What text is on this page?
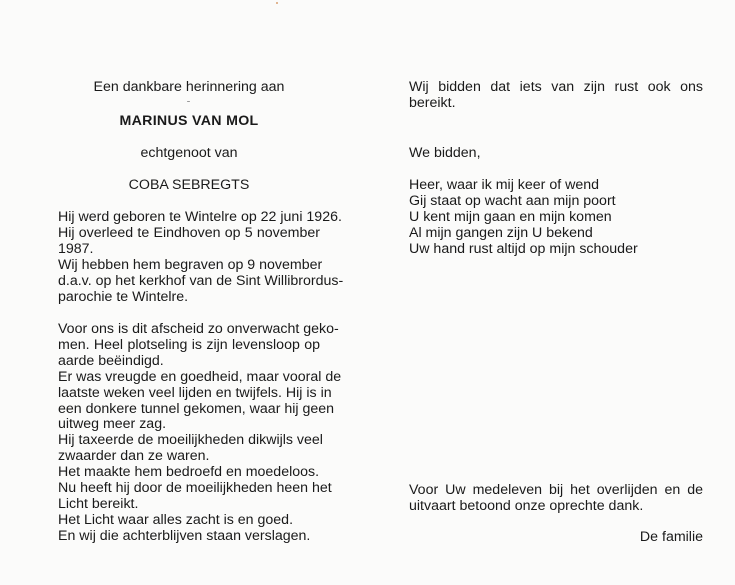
Een dankbare herinnering aan
MARINUS VAN MOL
echtgenoot van
COBA SEBREGTS
Hij werd geboren te Wintelre op 22 juni 1926.
Hij overleed te Eindhoven op 5 november
1987.
Wij hebben hem begraven op 9 november
d.a.v. op het kerkhof van de Sint Willibrordus-
parochie te Wintelre.
Voor ons is dit afscheid zo onverwacht gekо-
men. Heel plotseling is zijn levensloop op
aarde beëindigd.
Er was vreugde en goedheid, maar vooral de
laatste weken veel lijden en twijfels. Hij is in
een donkere tunnel gekomen, waar hij geen
uitweg meer zag.
Hij taxeerde de moeilijkheden dikwijls veel
zwaarder dan ze waren.
Het maakte hem bedroefd en moedeloos.
Nu heeft hij door de moeilijkheden heen het
Licht bereikt.
Het Licht waar alles zacht is en goed.
En wij die achterblijven staan verslagen.
Wij bidden dat iets van zijn rust ook ons
bereikt.
We bidden,
Heer, waar ik mij keer of wend
Gij staat op wacht aan mijn poort
U kent mijn gaan en mijn komen
Al mijn gangen zijn U bekend
Uw hand rust altijd op mijn schouder
Voor Uw medeleven bij het overlijden en de
uitvaart betoond onze oprechte dank.
De familie
